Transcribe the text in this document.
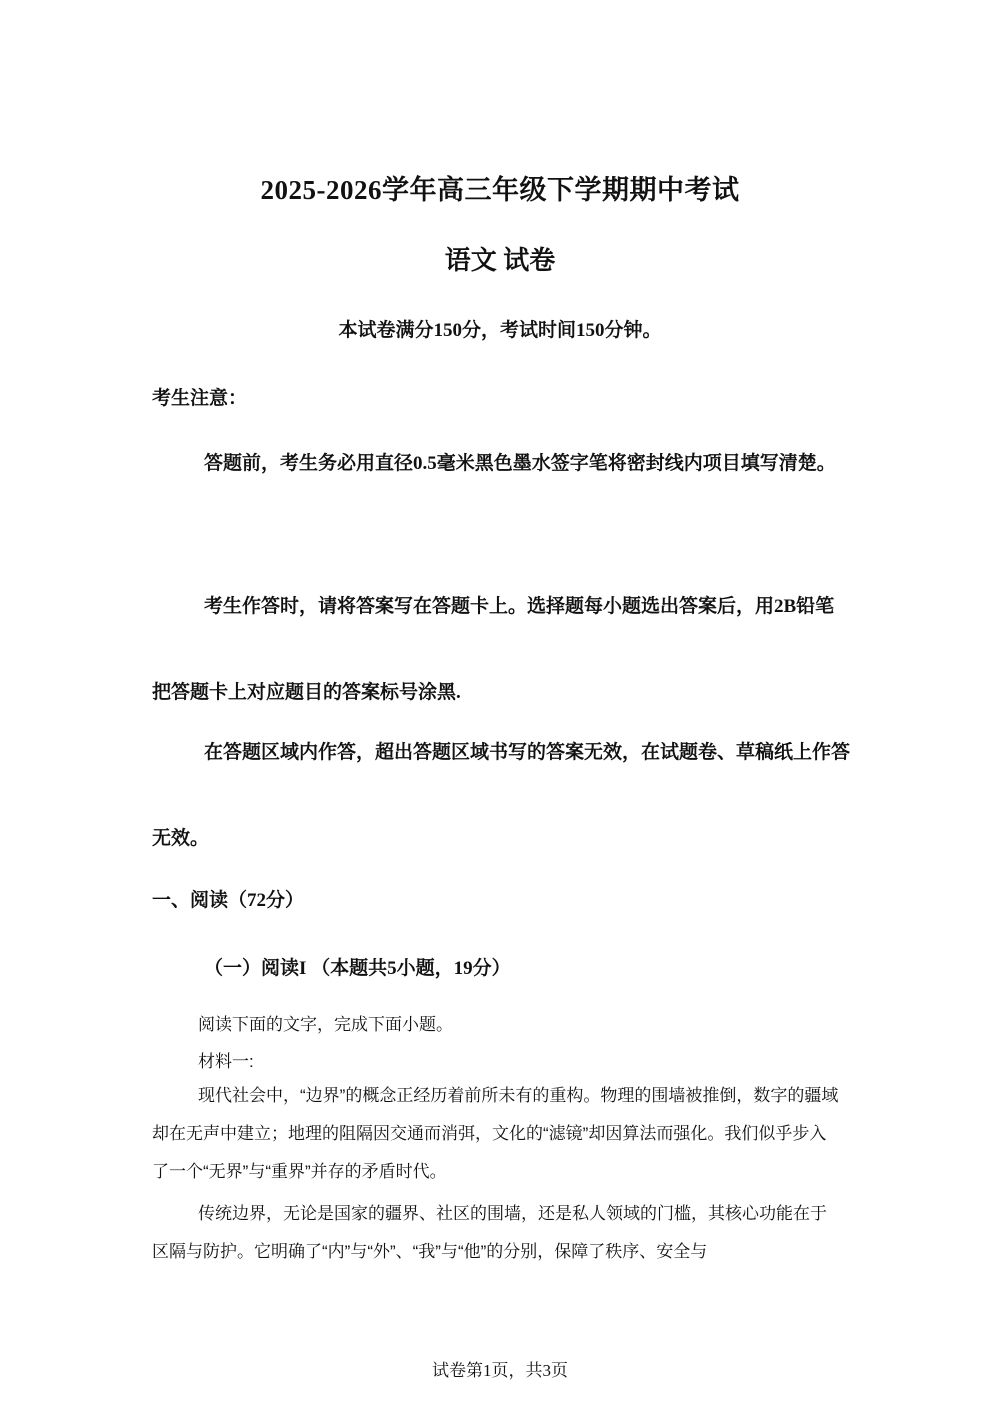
2025-2026学年高三年级下学期期中考试
语文 试卷
本试卷满分150分，考试时间150分钟。
考生注意：

答题前，考生务必用直径0.5毫米黑色墨水签字笔将密封线内项目填写清楚。

考生作答时，请将答案写在答题卡上。选择题每小题选出答案后，用2B铅笔把答题卡上对应题目的答案标号涂黑.

在答题区域内作答，超出答题区域书写的答案无效，在试题卷、草稿纸上作答无效。

一、阅读（72分）
（一）阅读I （本题共5小题，19分）
阅读下面的文字，完成下面小题。
材料一:

现代社会中，“边界”的概念正经历着前所未有的重构。物理的围墙被推倒，数字的疆域却在无声中建立；地理的阻隔因交通而消弭，文化的“滤镜”却因算法而强化。我们似乎步入了一个“无界”与“重界”并存的矛盾时代。

传统边界，无论是国家的疆界、社区的围墙，还是私人领域的门槛，其核心功能在于区隔与防护。它明确了“内”与“外”、“我”与“他”的分别，保障了秩序、安全与

试卷第1页，共3页
